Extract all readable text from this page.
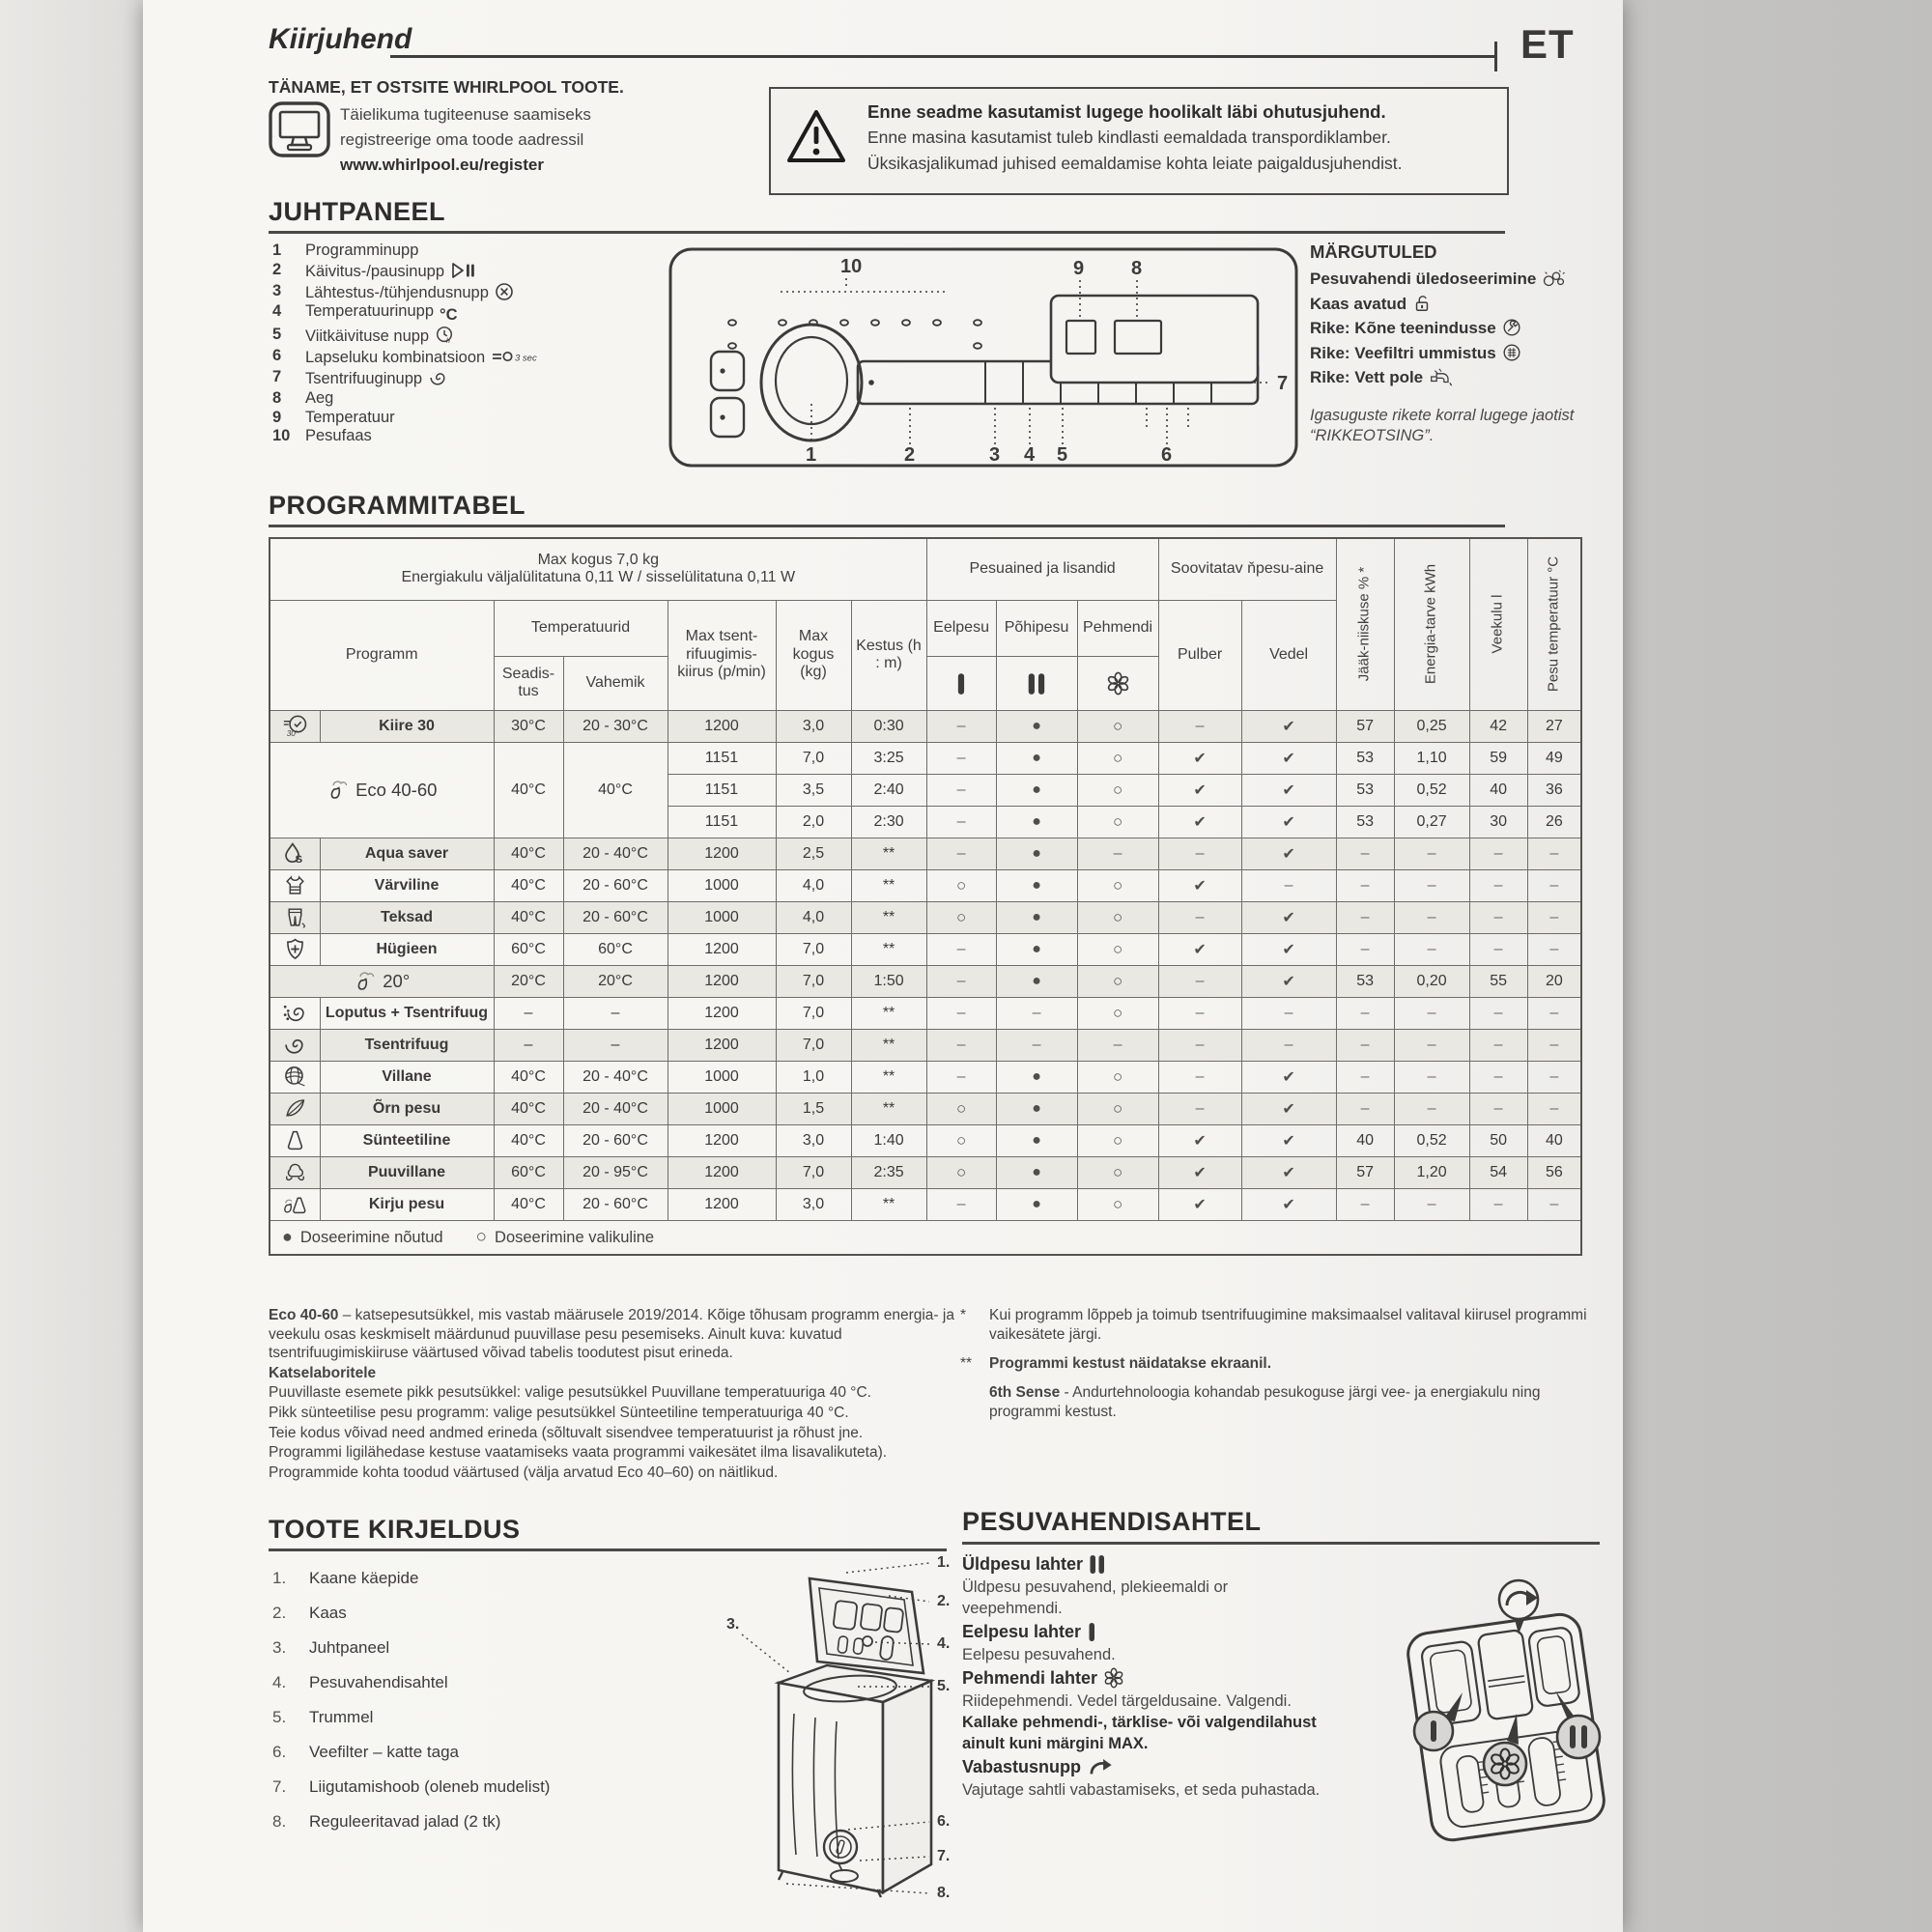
Kiirjuhend	ET
TÄNAME, ET OSTSITE WHIRLPOOL TOOTE.
Täielikuma tugiteenuse saamiseks
registreerige oma toode aadressil
www.whirlpool.eu/register
Enne seadme kasutamist lugege hoolikalt läbi ohutusjuhend.
Enne masina kasutamist tuleb kindlasti eemaldada transpordiklamber.
Üksikasjalikumad juhised eemaldamise kohta leiate paigaldusjuhendist.
JUHTPANEEL
1	Programminupp
2	Käivitus-/pausinupp
3	Lähtestus-/tühjendusnupp
4	Temperatuurinupp °C
5	Viitkäivituse nupp h
6	Lapseluku kombinatsioon	3 sec
7	Tsentrifuuginupp
8	Aeg
9	Temperatuur
10 Pesufaas
10	9 8
1	2	3 4 5	6
7
MÄRGUTULED
Pesuvahendi üledoseerimine
Kaas avatud
Rike: Kõne teenindusse
Rike: Veefiltri ummistus
Rike: Vett pole
Igasuguste rikete korral lugege jaotist
“RIKKEOTSING”.
PROGRAMMITABEL
Max kogus 7,0 kg
Energiakulu väljalülitatuna 0,11 W / sisselülitatuna 0,11 W							Pesuained ja lisandid			Soovitatav ňpesu-aine		Jääk-niiskuse % *	Energia-tarve kWh	Veekulu l	Pesu temperatuur °C

Programm		Temperatuurid		Max tsent-rifuugimis-kiirus (p/min)	Max kogus (kg)	Kestus (h : m)	Eelpesu	Põhipesu	Pehmendi	Pulber	Vedel				
		Seadis-tus	Vahemik	

30’	Kiire 30	30°C	20 - 30°C	1200	3,0	0:30	–	●	○	–	✔	57	0,25	42	27
Eco 40-60		40°C	40°C	1151	7,0	3:25	–	●	○	✔	✔	53	1,10	59	49
				1151	3,5	2:40	–	●	○	✔	✔	53	0,52	40	36
				1151	2,0	2:30	–	●	○	✔	✔	53	0,27	30	26

S	Aqua saver	40°C	20 - 40°C	1200	2,5	**	–	●	–	–	✔	–	–	–	–

	Värviline	40°C	20 - 60°C	1000	4,0	**	○	●	○	✔	–	–	–	–	–

	Teksad	40°C	20 - 60°C	1000	4,0	**	○	●	○	–	✔	–	–	–	–

	Hügieen	60°C	60°C	1200	7,0	**	–	●	○	✔	✔	–	–	–	–
20°		20°C	20°C	1200	7,0	1:50	–	●	○	–	✔	53	0,20	55	20

	Loputus + Tsentrifuug	–	–	1200	7,0	**	–	–	○	–	–	–	–	–	–

	Tsentrifuug	–	–	1200	7,0	**	–	–	–	–	–	–	–	–	–

	Villane	40°C	20 - 40°C	1000	1,0	**	–	●	○	–	✔	–	–	–	–

	Õrn pesu	40°C	20 - 40°C	1000	1,5	**	○	●	○	–	✔	–	–	–	–

	Sünteetiline	40°C	20 - 60°C	1200	3,0	1:40	○	●	○	✔	✔	40	0,52	50	40

	Puuvillane	60°C	20 - 95°C	1200	7,0	2:35	○	●	○	✔	✔	57	1,20	54	56

	Kirju pesu	40°C	20 - 60°C	1200	3,0	**	–	●	○	✔	✔	–	–	–	–
● Doseerimine nõutud ○ Doseerimine valikuline															

Eco 40-60 – katsepesutsükkel, mis vastab määrusele 2019/2014. Kõige tõhusam programm energia- ja veekulu osas keskmiselt määrdunud puuvillase pesu pesemiseks. Ainult kuva: kuvatud tsentrifuugimiskiiruse väärtused võivad tabelis toodutest pisut erineda.

Katselaboritele

Puuvillaste esemete pikk pesutsükkel: valige pesutsükkel Puuvillane temperatuuriga 40 °C.

Pikk sünteetilise pesu programm: valige pesutsükkel Sünteetiline temperatuuriga 40 °C.

Teie kodus võivad need andmed erineda (sõltuvalt sisendvee temperatuurist ja rõhust jne.

Programmi ligilähedase kestuse vaatamiseks vaata programmi vaikesätet ilma lisavalikuteta).

Programmide kohta toodud väärtused (välja arvatud Eco 40–60) on näitlikud.

*	Kui programm lõppeb ja toimub tsentrifuugimine maksimaalsel valitaval kiirusel programmi vaikesätete järgi.
**	Programmi kestust näidatakse ekraanil.
6th Sense - Andurtehnoloogia kohandab pesukoguse järgi vee- ja energiakulu ning programmi kestust.
TOOTE KIRJELDUS
1.	Kaane käepide
2.	Kaas
3.	Juhtpaneel
4.	Pesuvahendisahtel
5.	Trummel
6.	Veefilter – katte taga
7.	Liigutamishoob (oleneb mudelist)
8.	Reguleeritavad jalad (2 tk)
1.
2.
3.
4.
5.
6.
7.
8.
PESUVAHENDISAHTEL
Üldpesu lahter
Üldpesu pesuvahend, plekieemaldi or
veepehmendi.
Eelpesu lahter
Eelpesu pesuvahend.
Pehmendi lahter
Riidepehmendi. Vedel tärgeldusaine. Valgendi.
Kallake pehmendi-, tärklise- või valgendilahust
ainult kuni märgini MAX.
Vabastusnupp
Vajutage sahtli vabastamiseks, et seda puhastada.
